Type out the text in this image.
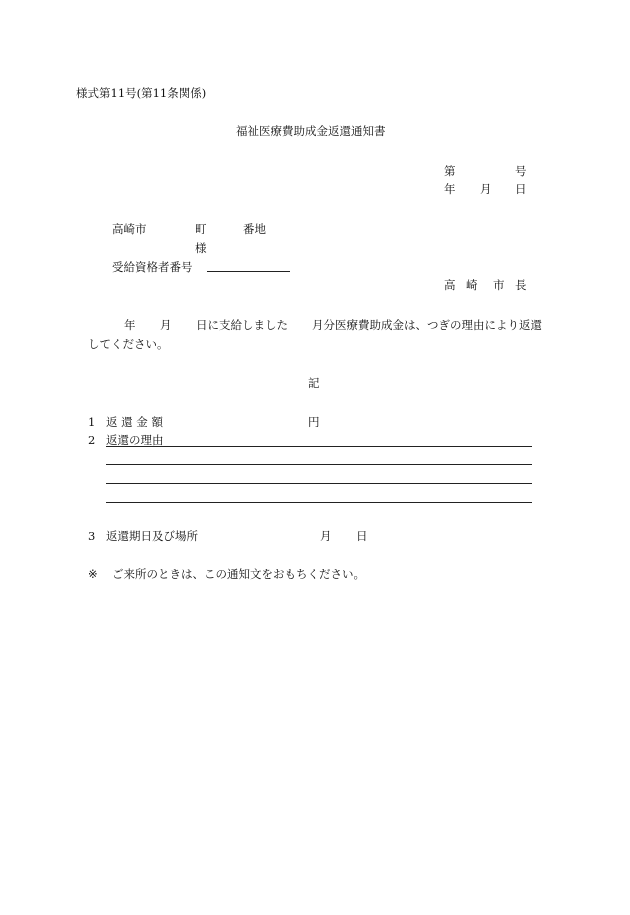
様式第11号(第11条関係)
福祉医療費助成金返還通知書
第	号
年 月 日
高崎市	町	番地
様
受給資格者番号
高 崎 市 長
年 月 日に支給しました 月分医療費助成金は、つぎの理由により返還
してください。
記
1 返 還 金 額	円
2 返還の理由
3 返還期日及び場所	月 日
※ ご来所のときは、この通知文をおもちください。
